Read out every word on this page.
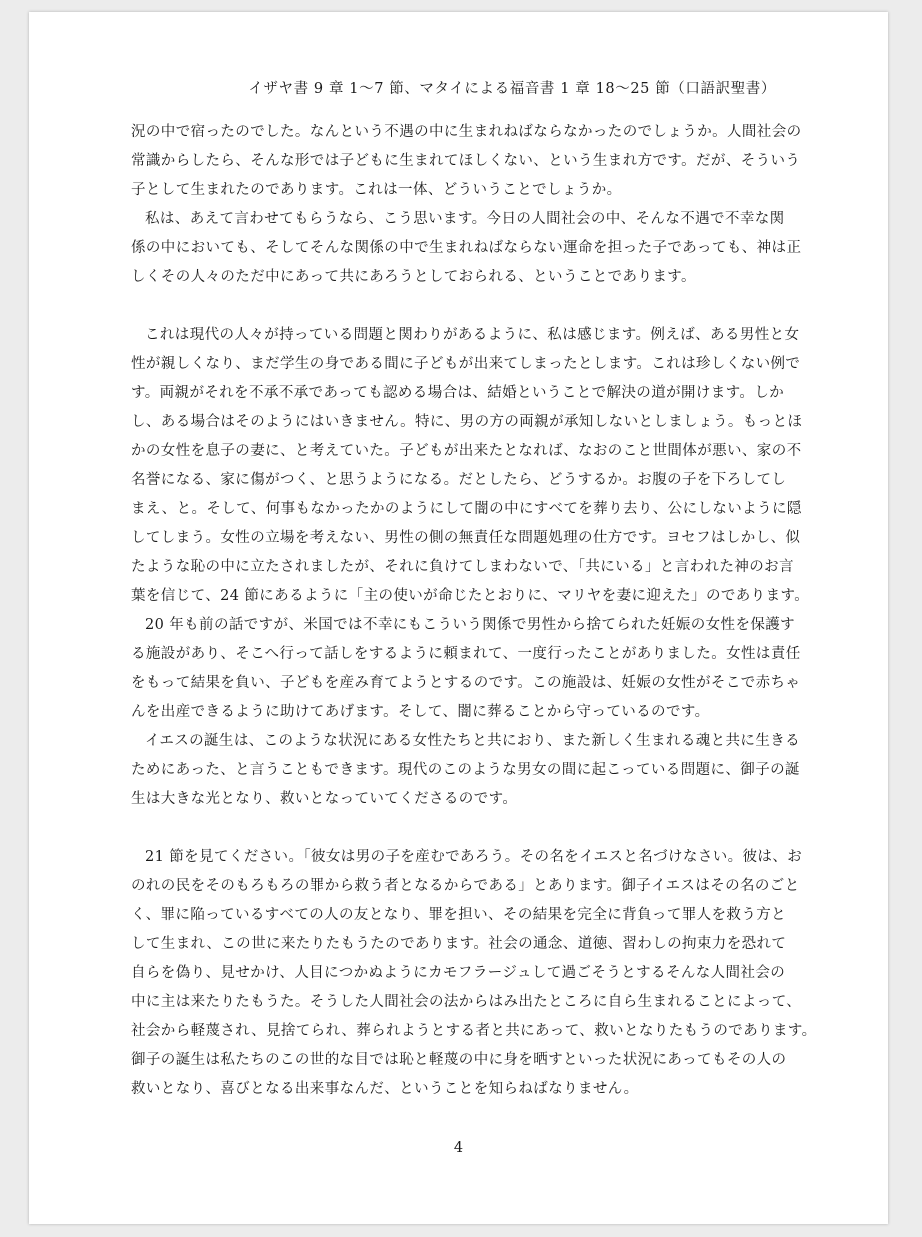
イザヤ書 9 章 1〜7 節、マタイによる福音書 1 章 18〜25 節（口語訳聖書）
況の中で宿ったのでした。なんという不遇の中に生まれねばならなかったのでしょうか。人間社会の
常識からしたら、そんな形では子どもに生まれてほしくない、という生まれ方です。だが、そういう
子として生まれたのであります。これは一体、どういうことでしょうか。
私は、あえて言わせてもらうなら、こう思います。今日の人間社会の中、そんな不遇で不幸な関
係の中においても、そしてそんな関係の中で生まれねばならない運命を担った子であっても、神は正
しくその人々のただ中にあって共にあろうとしておられる、ということであります。
これは現代の人々が持っている問題と関わりがあるように、私は感じます。例えば、ある男性と女
性が親しくなり、まだ学生の身である間に子どもが出来てしまったとします。これは珍しくない例で
す。両親がそれを不承不承であっても認める場合は、結婚ということで解決の道が開けます。しか
し、ある場合はそのようにはいきません。特に、男の方の両親が承知しないとしましょう。もっとほ
かの女性を息子の妻に、と考えていた。子どもが出来たとなれば、なおのこと世間体が悪い、家の不
名誉になる、家に傷がつく、と思うようになる。だとしたら、どうするか。お腹の子を下ろしてし
まえ、と。そして、何事もなかったかのようにして闇の中にすべてを葬り去り、公にしないように隠
してしまう。女性の立場を考えない、男性の側の無責任な問題処理の仕方です。ヨセフはしかし、似
たような恥の中に立たされましたが、それに負けてしまわないで、「共にいる」と言われた神のお言
葉を信じて、24 節にあるように「主の使いが命じたとおりに、マリヤを妻に迎えた」のであります。
20 年も前の話ですが、米国では不幸にもこういう関係で男性から捨てられた妊娠の女性を保護す
る施設があり、そこへ行って話しをするように頼まれて、一度行ったことがありました。女性は責任
をもって結果を負い、子どもを産み育てようとするのです。この施設は、妊娠の女性がそこで赤ちゃ
んを出産できるように助けてあげます。そして、闇に葬ることから守っているのです。
イエスの誕生は、このような状況にある女性たちと共におり、また新しく生まれる魂と共に生きる
ためにあった、と言うこともできます。現代のこのような男女の間に起こっている問題に、御子の誕
生は大きな光となり、救いとなっていてくださるのです。
21 節を見てください。「彼女は男の子を産むであろう。その名をイエスと名づけなさい。彼は、お
のれの民をそのもろもろの罪から救う者となるからである」とあります。御子イエスはその名のごと
く、罪に陥っているすべての人の友となり、罪を担い、その結果を完全に背負って罪人を救う方と
して生まれ、この世に来たりたもうたのであります。社会の通念、道徳、習わしの拘束力を恐れて
自らを偽り、見せかけ、人目につかぬようにカモフラージュして過ごそうとするそんな人間社会の
中に主は来たりたもうた。そうした人間社会の法からはみ出たところに自ら生まれることによって、
社会から軽蔑され、見捨てられ、葬られようとする者と共にあって、救いとなりたもうのであります。
御子の誕生は私たちのこの世的な目では恥と軽蔑の中に身を晒すといった状況にあってもその人の
救いとなり、喜びとなる出来事なんだ、ということを知らねばなりません。
4
